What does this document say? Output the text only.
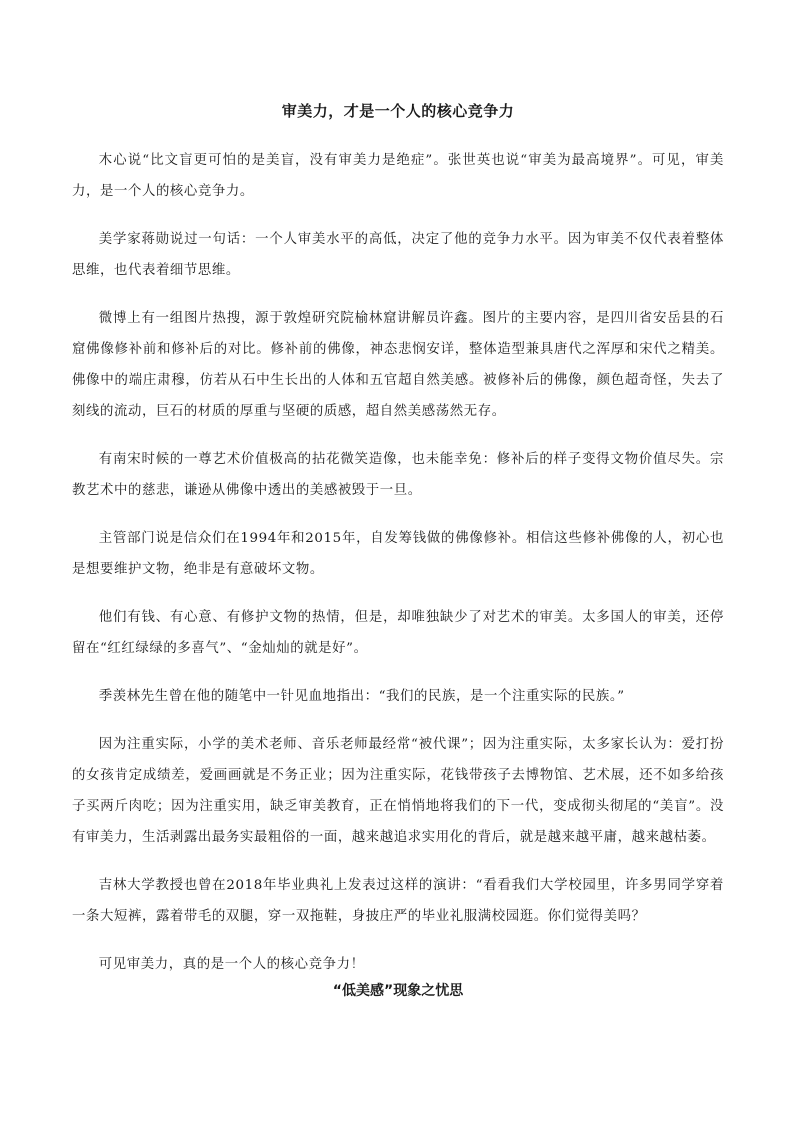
审美力，才是一个人的核心竞争力

木心说“比文盲更可怕的是美盲，没有审美力是绝症”。张世英也说“审美为最高境界”。可见，审美力，是一个人的核心竞争力。

美学家蒋勋说过一句话：一个人审美水平的高低，决定了他的竞争力水平。因为审美不仅代表着整体思维，也代表着细节思维。

微博上有一组图片热搜，源于敦煌研究院榆林窟讲解员许鑫。图片的主要内容，是四川省安岳县的石窟佛像修补前和修补后的对比。修补前的佛像，神态悲悯安详，整体造型兼具唐代之浑厚和宋代之精美。佛像中的端庄肃穆，仿若从石中生长出的人体和五官超自然美感。被修补后的佛像，颜色超奇怪，失去了刻线的流动，巨石的材质的厚重与坚硬的质感，超自然美感荡然无存。

有南宋时候的一尊艺术价值极高的拈花微笑造像，也未能幸免：修补后的样子变得文物价值尽失。宗教艺术中的慈悲，谦逊从佛像中透出的美感被毁于一旦。

主管部门说是信众们在1994年和2015年，自发筹钱做的佛像修补。相信这些修补佛像的人，初心也是想要维护文物，绝非是有意破坏文物。

他们有钱、有心意、有修护文物的热情，但是，却唯独缺少了对艺术的审美。太多国人的审美，还停留在“红红绿绿的多喜气”、“金灿灿的就是好”。

季羡林先生曾在他的随笔中一针见血地指出：“我们的民族，是一个注重实际的民族。”

因为注重实际，小学的美术老师、音乐老师最经常“被代课”；因为注重实际，太多家长认为：爱打扮的女孩肯定成绩差，爱画画就是不务正业；因为注重实际，花钱带孩子去博物馆、艺术展，还不如多给孩子买两斤肉吃；因为注重实用，缺乏审美教育，正在悄悄地将我们的下一代，变成彻头彻尾的“美盲”。没有审美力，生活剥露出最务实最粗俗的一面，越来越追求实用化的背后，就是越来越平庸，越来越枯萎。

吉林大学教授也曾在2018年毕业典礼上发表过这样的演讲：“看看我们大学校园里，许多男同学穿着一条大短裤，露着带毛的双腿，穿一双拖鞋，身披庄严的毕业礼服满校园逛。你们觉得美吗？

可见审美力，真的是一个人的核心竞争力！

“低美感”现象之忧思
